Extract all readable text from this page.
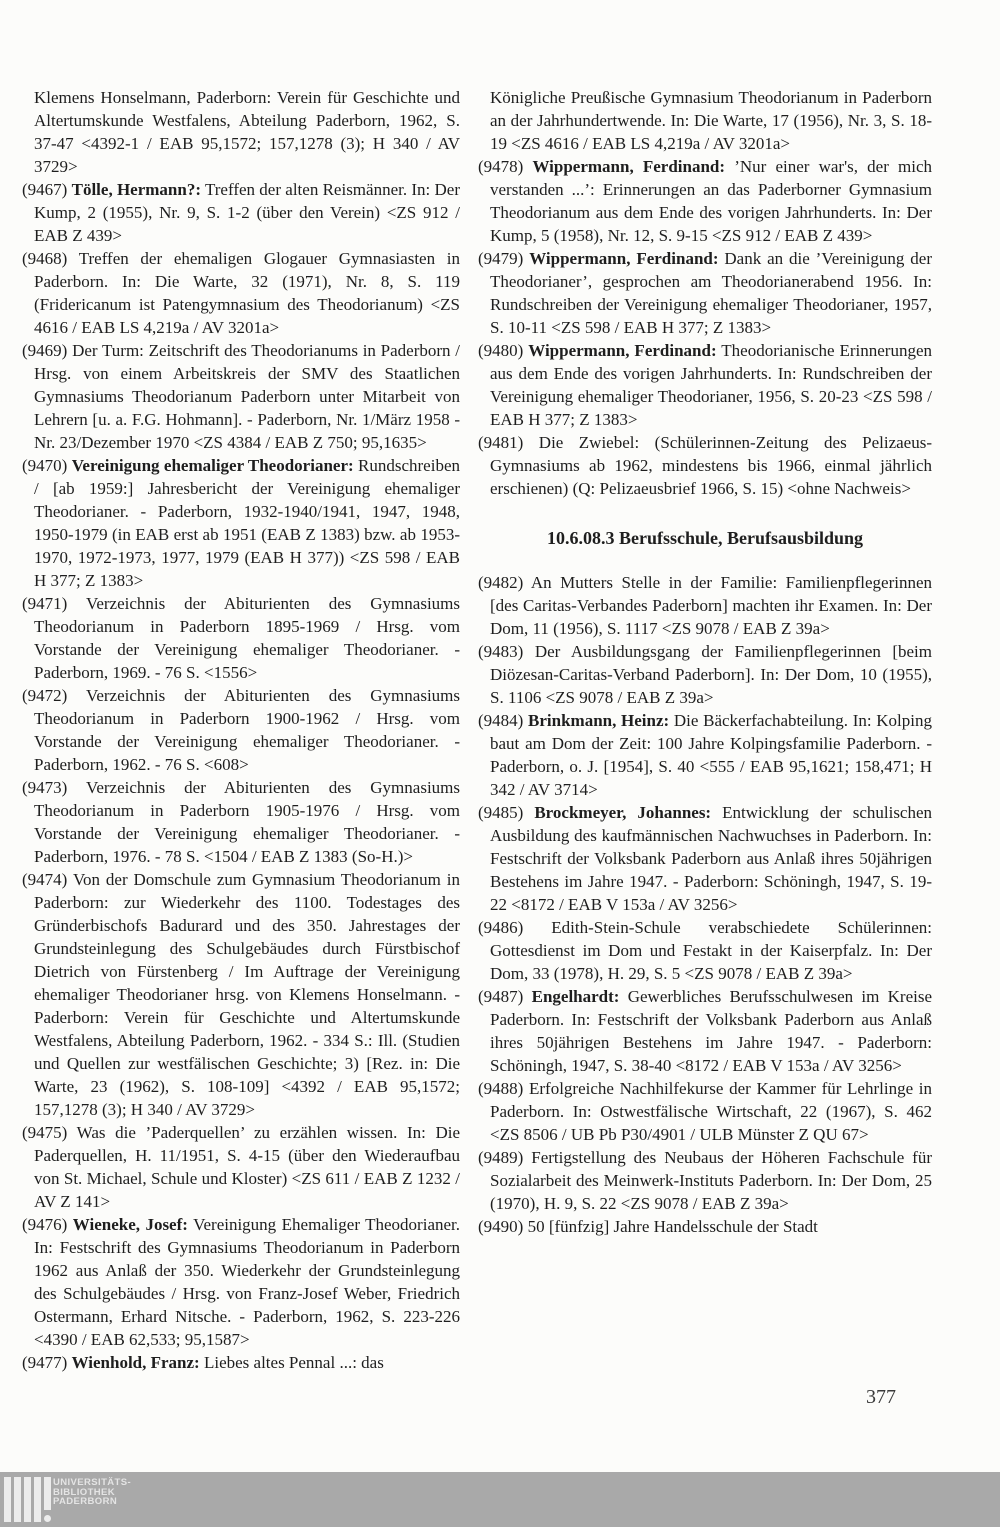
Klemens Honselmann, Paderborn: Verein für Geschichte und Altertumskunde Westfalens, Abteilung Paderborn, 1962, S. 37-47 <4392-1 / EAB 95,1572; 157,1278 (3); H 340 / AV 3729>

(9467) Tölle, Hermann?: Treffen der alten Reismänner. In: Der Kump, 2 (1955), Nr. 9, S. 1-2 (über den Verein) <ZS 912 / EAB Z 439>

(9468) Treffen der ehemaligen Glogauer Gymnasiasten in Paderborn. In: Die Warte, 32 (1971), Nr. 8, S. 119 (Fridericanum ist Patengymnasium des Theodorianum) <ZS 4616 / EAB LS 4,219a / AV 3201a>

(9469) Der Turm: Zeitschrift des Theodorianums in Paderborn / Hrsg. von einem Arbeitskreis der SMV des Staatlichen Gymnasiums Theodorianum Paderborn unter Mitarbeit von Lehrern [u. a. F.G. Hohmann]. - Paderborn, Nr. 1/März 1958 - Nr. 23/Dezember 1970 <ZS 4384 / EAB Z 750; 95,1635>

(9470) Vereinigung ehemaliger Theodorianer: Rundschreiben / [ab 1959:] Jahresbericht der Vereinigung ehemaliger Theodorianer. - Paderborn, 1932-1940/1941, 1947, 1948, 1950-1979 (in EAB erst ab 1951 (EAB Z 1383) bzw. ab 1953-1970, 1972-1973, 1977, 1979 (EAB H 377)) <ZS 598 / EAB H 377; Z 1383>

(9471) Verzeichnis der Abiturienten des Gymnasiums Theodorianum in Paderborn 1895-1969 / Hrsg. vom Vorstande der Vereinigung ehemaliger Theodorianer. - Paderborn, 1969. - 76 S. <1556>

(9472) Verzeichnis der Abiturienten des Gymnasiums Theodorianum in Paderborn 1900-1962 / Hrsg. vom Vorstande der Vereinigung ehemaliger Theodorianer. - Paderborn, 1962. - 76 S. <608>

(9473) Verzeichnis der Abiturienten des Gymnasiums Theodorianum in Paderborn 1905-1976 / Hrsg. vom Vorstande der Vereinigung ehemaliger Theodorianer. - Paderborn, 1976. - 78 S. <1504 / EAB Z 1383 (So-H.)>

(9474) Von der Domschule zum Gymnasium Theodorianum in Paderborn: zur Wiederkehr des 1100. Todestages des Gründerbischofs Badurard und des 350. Jahrestages der Grundsteinlegung des Schulgebäudes durch Fürstbischof Dietrich von Fürstenberg / Im Auftrage der Vereinigung ehemaliger Theodorianer hrsg. von Klemens Honselmann. - Paderborn: Verein für Geschichte und Altertumskunde Westfalens, Abteilung Paderborn, 1962. - 334 S.: Ill. (Studien und Quellen zur westfälischen Geschichte; 3) [Rez. in: Die Warte, 23 (1962), S. 108-109] <4392 / EAB 95,1572; 157,1278 (3); H 340 / AV 3729>

(9475) Was die ’Paderquellen’ zu erzählen wissen. In: Die Paderquellen, H. 11/1951, S. 4-15 (über den Wiederaufbau von St. Michael, Schule und Kloster) <ZS 611 / EAB Z 1232 / AV Z 141>

(9476) Wieneke, Josef: Vereinigung Ehemaliger Theodorianer. In: Festschrift des Gymnasiums Theodorianum in Paderborn 1962 aus Anlaß der 350. Wiederkehr der Grundsteinlegung des Schulgebäudes / Hrsg. von Franz-Josef Weber, Friedrich Ostermann, Erhard Nitsche. - Paderborn, 1962, S. 223-226 <4390 / EAB 62,533; 95,1587>

(9477) Wienhold, Franz: Liebes altes Pennal ...: das

Königliche Preußische Gymnasium Theodorianum in Paderborn an der Jahrhundertwende. In: Die Warte, 17 (1956), Nr. 3, S. 18-19 <ZS 4616 / EAB LS 4,219a / AV 3201a>

(9478) Wippermann, Ferdinand: ’Nur einer war's, der mich verstanden ...’: Erinnerungen an das Paderborner Gymnasium Theodorianum aus dem Ende des vorigen Jahrhunderts. In: Der Kump, 5 (1958), Nr. 12, S. 9-15 <ZS 912 / EAB Z 439>

(9479) Wippermann, Ferdinand: Dank an die ’Vereinigung der Theodorianer’, gesprochen am Theodorianerabend 1956. In: Rundschreiben der Vereinigung ehemaliger Theodorianer, 1957, S. 10-11 <ZS 598 / EAB H 377; Z 1383>

(9480) Wippermann, Ferdinand: Theodorianische Erinnerungen aus dem Ende des vorigen Jahrhunderts. In: Rundschreiben der Vereinigung ehemaliger Theodorianer, 1956, S. 20-23 <ZS 598 / EAB H 377; Z 1383>

(9481) Die Zwiebel: (Schülerinnen-Zeitung des Pelizaeus-Gymnasiums ab 1962, mindestens bis 1966, einmal jährlich erschienen) (Q: Pelizaeusbrief 1966, S. 15) <ohne Nachweis>

10.6.08.3 Berufsschule, Berufsausbildung

(9482) An Mutters Stelle in der Familie: Familienpflegerinnen [des Caritas-Verbandes Paderborn] machten ihr Examen. In: Der Dom, 11 (1956), S. 1117 <ZS 9078 / EAB Z 39a>

(9483) Der Ausbildungsgang der Familienpflegerinnen [beim Diözesan-Caritas-Verband Paderborn]. In: Der Dom, 10 (1955), S. 1106 <ZS 9078 / EAB Z 39a>

(9484) Brinkmann, Heinz: Die Bäckerfachabteilung. In: Kolping baut am Dom der Zeit: 100 Jahre Kolpingsfamilie Paderborn. - Paderborn, o. J. [1954], S. 40 <555 / EAB 95,1621; 158,471; H 342 / AV 3714>

(9485) Brockmeyer, Johannes: Entwicklung der schulischen Ausbildung des kaufmännischen Nachwuchses in Paderborn. In: Festschrift der Volksbank Paderborn aus Anlaß ihres 50jährigen Bestehens im Jahre 1947. - Paderborn: Schöningh, 1947, S. 19-22 <8172 / EAB V 153a / AV 3256>

(9486) Edith-Stein-Schule verabschiedete Schülerinnen: Gottesdienst im Dom und Festakt in der Kaiserpfalz. In: Der Dom, 33 (1978), H. 29, S. 5 <ZS 9078 / EAB Z 39a>

(9487) Engelhardt: Gewerbliches Berufsschulwesen im Kreise Paderborn. In: Festschrift der Volksbank Paderborn aus Anlaß ihres 50jährigen Bestehens im Jahre 1947. - Paderborn: Schöningh, 1947, S. 38-40 <8172 / EAB V 153a / AV 3256>

(9488) Erfolgreiche Nachhilfekurse der Kammer für Lehrlinge in Paderborn. In: Ostwestfälische Wirtschaft, 22 (1967), S. 462 <ZS 8506 / UB Pb P30/4901 / ULB Münster Z QU 67>

(9489) Fertigstellung des Neubaus der Höheren Fachschule für Sozialarbeit des Meinwerk-Instituts Paderborn. In: Der Dom, 25 (1970), H. 9, S. 22 <ZS 9078 / EAB Z 39a>

(9490) 50 [fünfzig] Jahre Handelsschule der Stadt

377
UNIVERSITÄTS-
BIBLIOTHEK
PADERBORN
